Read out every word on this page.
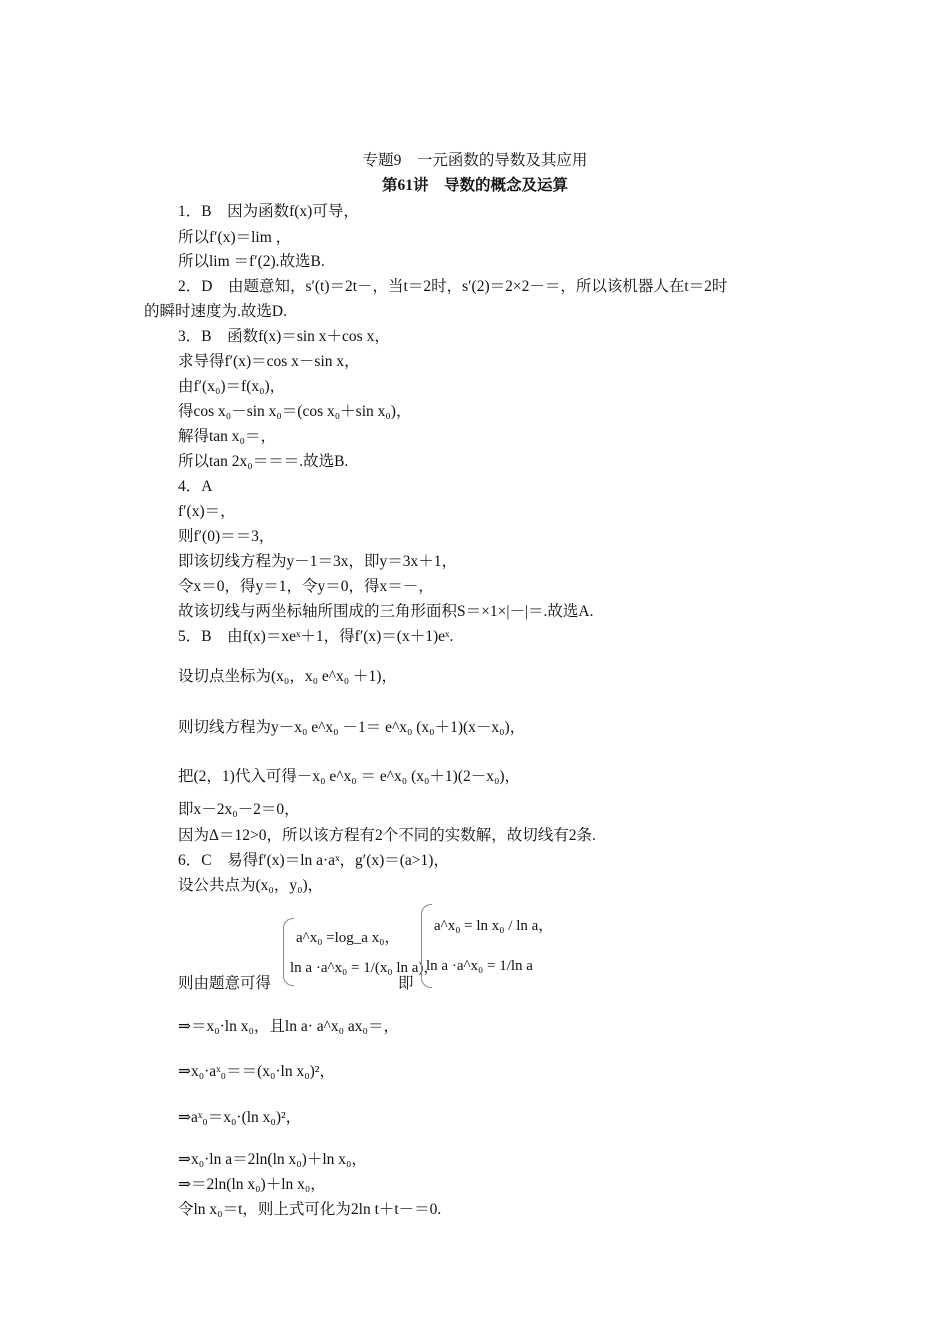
专题9　一元函数的导数及其应用
第61讲　导数的概念及运算
1．B　因为函数f(x)可导，
所以f′(x)＝lim ，
所以lim ＝f′(2).故选B.
2．D　由题意知，s′(t)＝2t－，当t＝2时，s′(2)＝2×2－＝，所以该机器人在t＝2时
的瞬时速度为.故选D.
3．B　函数f(x)＝sin x＋cos x，
求导得f′(x)＝cos x－sin x，
由f′(x₀)＝f(x₀)，
得cos x₀－sin x₀＝(cos x₀＋sin x₀)，
解得tan x₀＝，
所以tan 2x₀＝＝＝.故选B.
4．A
f′(x)＝，
则f′(0)＝＝3，
即该切线方程为y－1＝3x，即y＝3x＋1，
令x＝0，得y＝1，令y＝0，得x＝－，
故该切线与两坐标轴所围成的三角形面积S＝×1×|－|＝.故选A.
5．B　由f(x)＝xeˣ＋1，得f′(x)＝(x＋1)eˣ.
设切点坐标为(x₀，x₀ e^x₀ ＋1)，
则切线方程为y－x₀ e^x₀ －1＝ e^x₀ (x₀＋1)(x－x₀)，
把(2，1)代入可得－x₀ e^x₀ ＝ e^x₀ (x₀＋1)(2－x₀)，
即x－2x₀－2＝0，
因为Δ＝12>0，所以该方程有2个不同的实数解，故切线有2条.
6．C　易得f′(x)＝ln a·aˣ，g′(x)＝(a>1)，
设公共点为(x₀，y₀)，
则由题意可得
a^x₀ =log_a x₀，
ln a ·a^x₀ = 1/(x₀ ln a)，
即
a^x₀ = ln x₀ / ln a，
ln a ·a^x₀ = 1/ln a
⇒＝x₀·ln x₀，且ln a· a^x₀ ax₀＝，
⇒x₀·aˣ₀＝＝(x₀·ln x₀)²，
⇒aˣ₀＝x₀·(ln x₀)²，
⇒x₀·ln a＝2ln(ln x₀)＋ln x₀，
⇒＝2ln(ln x₀)＋ln x₀，
令ln x₀＝t，则上式可化为2ln t＋t－＝0.
